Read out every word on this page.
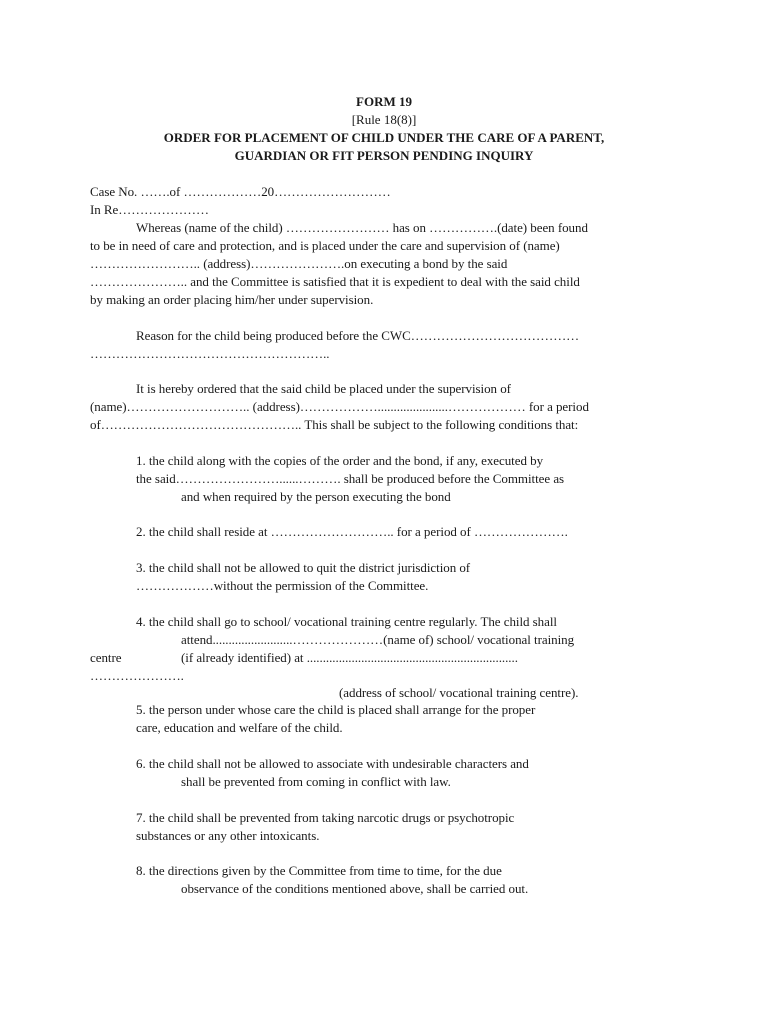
FORM 19
[Rule 18(8)]
ORDER FOR PLACEMENT OF CHILD UNDER THE CARE OF A PARENT,
GUARDIAN OR FIT PERSON PENDING INQUIRY
Case No. …….of ………………20………………………
In Re…………………
Whereas (name of the child) …………………… has on …………….(date) been found
to be in need of care and protection, and is placed under the care and supervision of (name)
…………………….. (address)………………….on executing a bond by the said
………………….. and the Committee is satisfied that it is expedient to deal with the said child
by making an order placing him/her under supervision.
Reason for the child being produced before the CWC…………………………………
………………………………………………..
It is hereby ordered that the said child be placed under the supervision of
(name)……………………….. (address)………………......................……………… for a period
of……………………………………….. This shall be subject to the following conditions that:
1. the child along with the copies of the order and the bond, if any, executed by
the said……………………......………. shall be produced before the Committee as
and when required by the person executing the bond
2. the child shall reside at ……………………….. for a period of ………………….
3. the child shall not be allowed to quit the district jurisdiction of
………………without the permission of the Committee.
4. the child shall go to school/ vocational training centre regularly. The child shall
attend.........................…………………(name of) school/ vocational training
centre	(if already identified) at ..................................................................
………………….
(address of school/ vocational training centre).
5. the person under whose care the child is placed shall arrange for the proper
care, education and welfare of the child.
6. the child shall not be allowed to associate with undesirable characters and
shall be prevented from coming in conflict with law.
7. the child shall be prevented from taking narcotic drugs or psychotropic
substances or any other intoxicants.
8. the directions given by the Committee from time to time, for the due
observance of the conditions mentioned above, shall be carried out.
